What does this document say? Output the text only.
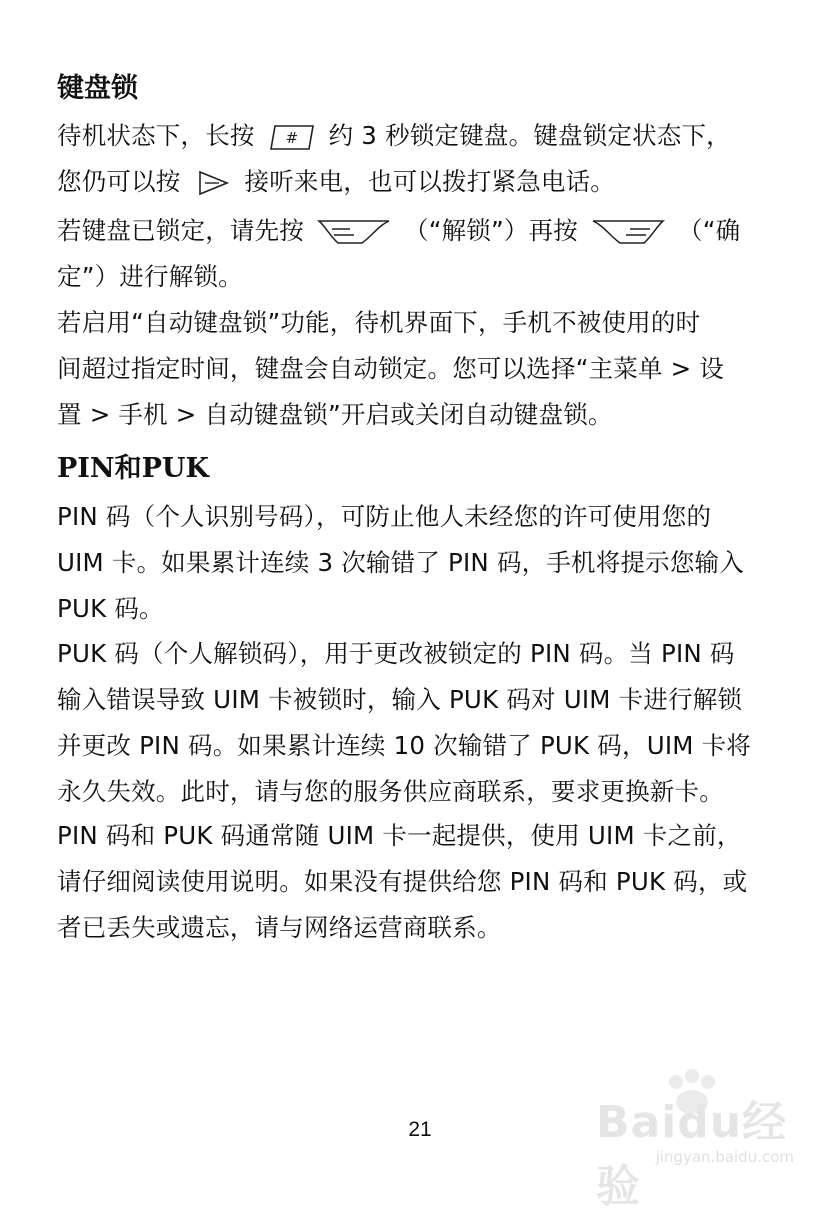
键盘锁
待机状态下，长按 # 约 3 秒锁定键盘。键盘锁定状态下，
您仍可以按	接听来电，也可以拨打紧急电话。
若键盘已锁定，请先按	（“解锁”）再按	（“确
定”）进行解锁。
若启用“自动键盘锁”功能，待机界面下，手机不被使用的时
间超过指定时间，键盘会自动锁定。您可以选择“主菜单 > 设
置 > 手机 > 自动键盘锁”开启或关闭自动键盘锁。
PIN和PUK
PIN 码（个人识别号码），可防止他人未经您的许可使用您的
UIM 卡。如果累计连续 3 次输错了 PIN 码，手机将提示您输入
PUK 码。
PUK 码（个人解锁码），用于更改被锁定的 PIN 码。当 PIN 码
输入错误导致 UIM 卡被锁时，输入 PUK 码对 UIM 卡进行解锁
并更改 PIN 码。如果累计连续 10 次输错了 PUK 码，UIM 卡将
永久失效。此时，请与您的服务供应商联系，要求更换新卡。
PIN 码和 PUK 码通常随 UIM 卡一起提供，使用 UIM 卡之前，
请仔细阅读使用说明。如果没有提供给您 PIN 码和 PUK 码，或
者已丢失或遗忘，请与网络运营商联系。
21	Baidu经验
jingyan.baidu.com
